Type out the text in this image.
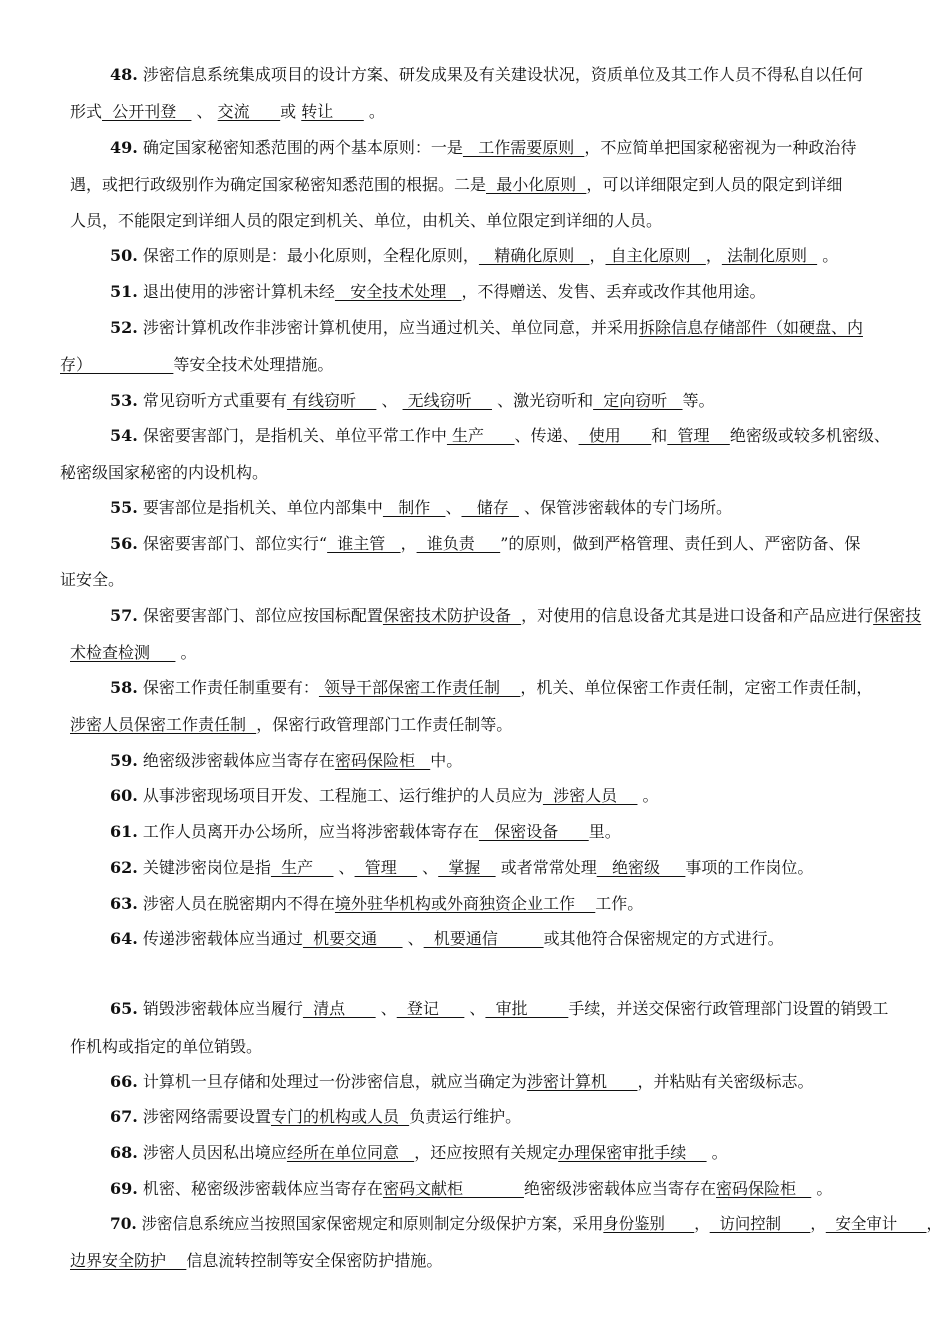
48. 涉密信息系统集成项目的设计方案、研发成果及有关建设状况，资质单位及其工作人员不得私自以任何
形式  公开刊登    、 交流      或 转让       。
49. 确定国家秘密知悉范围的两个基本原则：一是   工作需要原则  ，不应简单把国家秘密视为一种政治待
遇，或把行政级别作为确定国家秘密知悉范围的根据。二是  最小化原则  ，可以详细限定到人员的限定到详细
人员，不能限定到详细人员的限定到机关、单位，由机关、单位限定到详细的人员。
50. 保密工作的原则是：最小化原则，全程化原则，   精确化原则   ， 自主化原则   ， 法制化原则   。
51. 退出使用的涉密计算机未经   安全技术处理   ，不得赠送、发售、丢弃或改作其他用途。
52. 涉密计算机改作非涉密计算机使用，应当通过机关、单位同意，并采用拆除信息存储部件（如硬盘、内
存）                等安全技术处理措施。
53. 常见窃听方式重要有 有线窃听     、  无线窃听     、激光窃听和  定向窃听   等。
54. 保密要害部门，是指机关、单位平常工作中 生产      、传递、  使用      和  管理    绝密级或较多机密级、
秘密级国家秘密的内设机构。
55. 要害部位是指机关、单位内部集中   制作   、   储存   、保管涉密载体的专门场所。
56. 保密要害部门、部位实行“  谁主管   ，  谁负责     ”的原则，做到严格管理、责任到人、严密防备、保
证安全。
57. 保密要害部门、部位应按国标配置保密技术防护设备  ，对使用的信息设备尤其是进口设备和产品应进行保密技
术检查检测      。
58. 保密工作责任制重要有： 领导干部保密工作责任制    ，机关、单位保密工作责任制，定密工作责任制，
涉密人员保密工作责任制  ，保密行政管理部门工作责任制等。
59. 绝密级涉密载体应当寄存在密码保险柜   中。
60. 从事涉密现场项目开发、工程施工、运行维护的人员应为  涉密人员     。
61. 工作人员离开办公场所，应当将涉密载体寄存在   保密设备      里。
62. 关键涉密岗位是指  生产     、  管理     、  掌握    或者常常处理   绝密级     事项的工作岗位。
63. 涉密人员在脱密期内不得在境外驻华机构或外商独资企业工作    工作。
64. 传递涉密载体应当通过  机要交通      、  机要通信         或其他符合保密规定的方式进行。
65. 销毁涉密载体应当履行  清点       、  登记      、  审批        手续，并送交保密行政管理部门设置的销毁工
作机构或指定的单位销毁。
66. 计算机一旦存储和处理过一份涉密信息，就应当确定为涉密计算机      ，并粘贴有关密级标志。
67. 涉密网络需要设置专门的机构或人员  负责运行维护。
68. 涉密人员因私出境应经所在单位同意   ，还应按照有关规定办理保密审批手续     。
69. 机密、秘密级涉密载体应当寄存在密码文献柜            绝密级涉密载体应当寄存在密码保险柜    。
70. 涉密信息系统应当按照国家保密规定和原则制定分级保护方案，采用身份鉴别      ，  访问控制      ，  安全审计      ，
边界安全防护    信息流转控制等安全保密防护措施。
